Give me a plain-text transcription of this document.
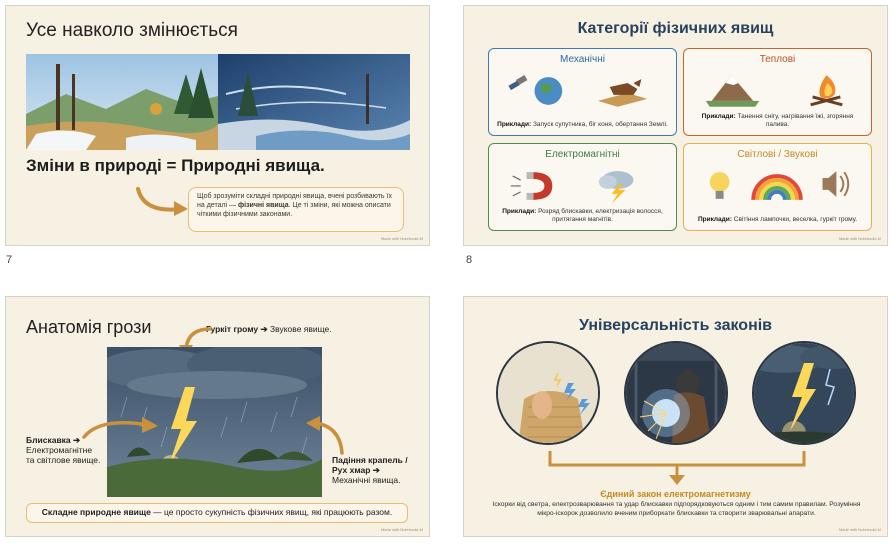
Усе навколо змінюється
Зміни в природі = Природні явища.
Щоб зрозуміти складні природні явища, вчені розбивають їх на деталі — фізичні явища. Це ті зміни, які можна описати чіткими фізичними законами.
Made with NotebookLM
7
Категорії фізичних явищ
Механічні
Приклади: Запуск супутника, біг коня, обертання Землі.
Теплові
Приклади: Танення снігу, нагрівання їжі, згоряння палива.
Електромагнітні
Приклади: Розряд блискавки, електризація волосся, притягання магнітів.
Світлові / Звукові
Приклади: Світіння лампочки, веселка, гуркіт грому.
Made with NotebookLM
8
Анатомія грози	Гуркіт грому ➔ Звукове явище.
Блискавка ➔
Електромагнітне та світлове явище.	Падіння крапель / Рух хмар ➔
Механічні явища.
Складне природне явище — це просто сукупність фізичних явищ, які працюють разом.
Made with NotebookLM
Універсальність законів
Єдиний закон електромагнетизму
Іскорки від светра, електрозварювання та удар блискавки підпорядковуються одним і тим самим правилам. Розуміння мікро-іскорок дозволило вченим приборкати блискавки та створити зварювальні апарати.
Made with NotebookLM
